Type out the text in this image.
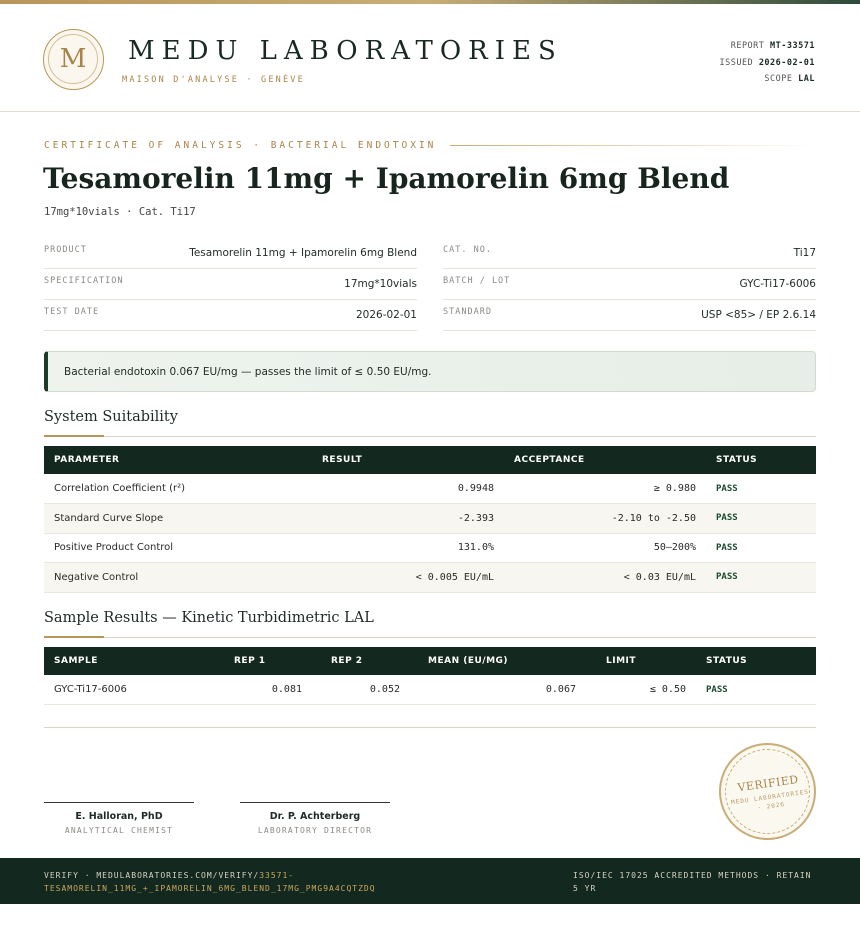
M	MEDU LABORATORIES
MAISON D'ANALYSE · GENÈVE
REPORT MT-33571
ISSUED 2026-02-01
SCOPE LAL
CERTIFICATE OF ANALYSIS · BACTERIAL ENDOTOXIN
Tesamorelin 11mg + Ipamorelin 6mg Blend
17mg*10vials · Cat. Ti17
PRODUCT	Tesamorelin 11mg + Ipamorelin 6mg Blend
SPECIFICATION	17mg*10vials
TEST DATE	2026-02-01
CAT. NO.	Ti17
BATCH / LOT	GYC-Ti17-6006
STANDARD	USP <85> / EP 2.6.14
Bacterial endotoxin 0.067 EU/mg — passes the limit of ≤ 0.50 EU/mg.
System Suitability
PARAMETER	RESULT	ACCEPTANCE	STATUS
Correlation Coefficient (r²)	0.9948	≥ 0.980	PASS
Standard Curve Slope	-2.393	-2.10 to -2.50	PASS
Positive Product Control	131.0%	50–200%	PASS
Negative Control	< 0.005 EU/mL	< 0.03 EU/mL	PASS
Sample Results — Kinetic Turbidimetric LAL
SAMPLE	REP 1	REP 2	MEAN (EU/MG)	LIMIT	STATUS
GYC-Ti17-6006	0.081	0.052	0.067	≤ 0.50	PASS
E. Halloran, PhD
ANALYTICAL CHEMIST
Dr. P. Achterberg
LABORATORY DIRECTOR
VERIFIED
MEDU LABORATORIES · 2026
VERIFY · MEDULABORATORIES.COM/VERIFY/33571-TESAMORELIN_11MG_+_IPAMORELIN_6MG_BLEND_17MG_PMG9A4CQTZDQ
ISO/IEC 17025 ACCREDITED METHODS · RETAIN 5 YR
